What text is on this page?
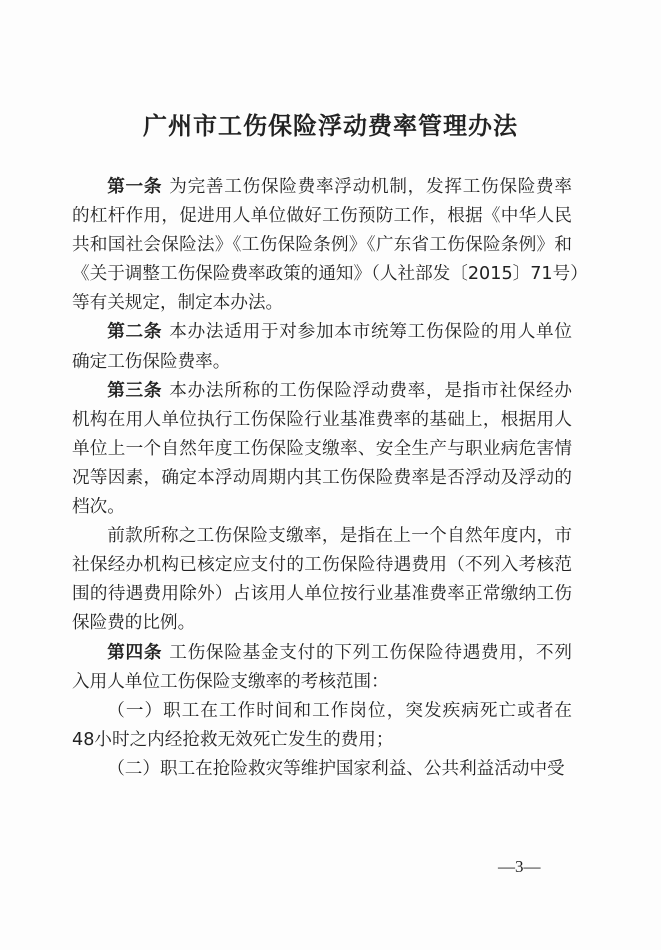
广州市工伤保险浮动费率管理办法
第一条 为完善工伤保险费率浮动机制，发挥工伤保险费率
的杠杆作用，促进用人单位做好工伤预防工作，根据《中华人民
共和国社会保险法》《工伤保险条例》《广东省工伤保险条例》和
《关于调整工伤保险费率政策的通知》（人社部发〔2015〕71号）
等有关规定，制定本办法。
第二条 本办法适用于对参加本市统筹工伤保险的用人单位
确定工伤保险费率。
第三条 本办法所称的工伤保险浮动费率，是指市社保经办
机构在用人单位执行工伤保险行业基准费率的基础上，根据用人
单位上一个自然年度工伤保险支缴率、安全生产与职业病危害情
况等因素，确定本浮动周期内其工伤保险费率是否浮动及浮动的
档次。
前款所称之工伤保险支缴率，是指在上一个自然年度内，市
社保经办机构已核定应支付的工伤保险待遇费用（不列入考核范
围的待遇费用除外）占该用人单位按行业基准费率正常缴纳工伤
保险费的比例。
第四条 工伤保险基金支付的下列工伤保险待遇费用，不列
入用人单位工伤保险支缴率的考核范围：
（一）职工在工作时间和工作岗位，突发疾病死亡或者在
48小时之内经抢救无效死亡发生的费用；
（二）职工在抢险救灾等维护国家利益、公共利益活动中受
—3—
